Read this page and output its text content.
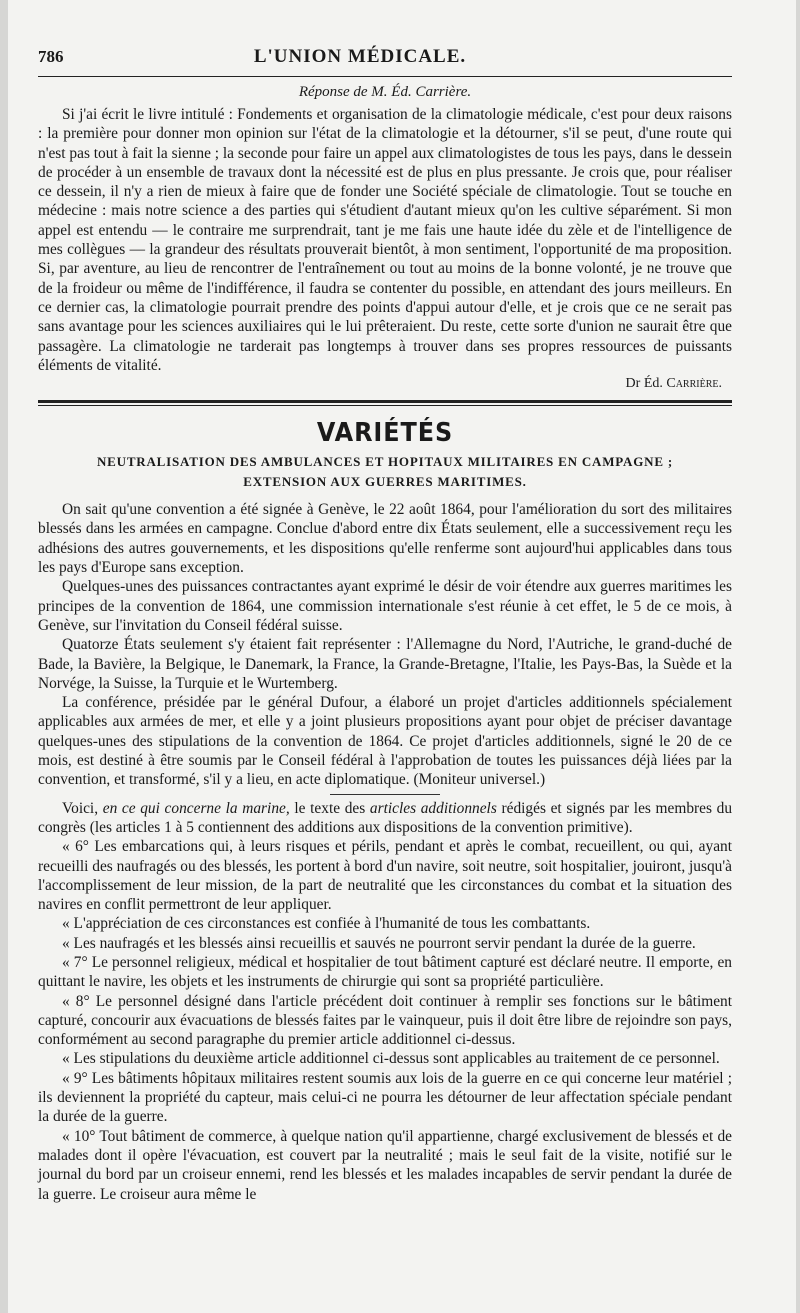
786	L'UNION MÉDICALE.
Réponse de M. Éd. Carrière.

Si j'ai écrit le livre intitulé : Fondements et organisation de la climatologie médicale, c'est pour deux raisons : la première pour donner mon opinion sur l'état de la climatologie et la détourner, s'il se peut, d'une route qui n'est pas tout à fait la sienne ; la seconde pour faire un appel aux climatologistes de tous les pays, dans le dessein de procéder à un ensemble de travaux dont la nécessité est de plus en plus pressante. Je crois que, pour réaliser ce dessein, il n'y a rien de mieux à faire que de fonder une Société spéciale de climatologie. Tout se touche en médecine : mais notre science a des parties qui s'étudient d'autant mieux qu'on les cultive séparément. Si mon appel est entendu — le contraire me surprendrait, tant je me fais une haute idée du zèle et de l'intelligence de mes collègues — la grandeur des résultats prouverait bientôt, à mon sentiment, l'opportunité de ma proposition. Si, par aventure, au lieu de rencontrer de l'entraînement ou tout au moins de la bonne volonté, je ne trouve que de la froideur ou même de l'indifférence, il faudra se contenter du possible, en attendant des jours meilleurs. En ce dernier cas, la climatologie pourrait prendre des points d'appui autour d'elle, et je crois que ce ne serait pas sans avantage pour les sciences auxiliaires qui le lui prêteraient. Du reste, cette sorte d'union ne saurait être que passagère. La climatologie ne tarderait pas longtemps à trouver dans ses propres ressources de puissants éléments de vitalité.

Dr Éd. Carrière.
VARIÉTÉS
NEUTRALISATION DES AMBULANCES ET HOPITAUX MILITAIRES EN CAMPAGNE ;
EXTENSION AUX GUERRES MARITIMES.

On sait qu'une convention a été signée à Genève, le 22 août 1864, pour l'amélioration du sort des militaires blessés dans les armées en campagne. Conclue d'abord entre dix États seulement, elle a successivement reçu les adhésions des autres gouvernements, et les dispositions qu'elle renferme sont aujourd'hui applicables dans tous les pays d'Europe sans exception.

Quelques-unes des puissances contractantes ayant exprimé le désir de voir étendre aux guerres maritimes les principes de la convention de 1864, une commission internationale s'est réunie à cet effet, le 5 de ce mois, à Genève, sur l'invitation du Conseil fédéral suisse.

Quatorze États seulement s'y étaient fait représenter : l'Allemagne du Nord, l'Autriche, le grand-duché de Bade, la Bavière, la Belgique, le Danemark, la France, la Grande-Bretagne, l'Italie, les Pays-Bas, la Suède et la Norvége, la Suisse, la Turquie et le Wurtemberg.

La conférence, présidée par le général Dufour, a élaboré un projet d'articles additionnels spécialement applicables aux armées de mer, et elle y a joint plusieurs propositions ayant pour objet de préciser davantage quelques-unes des stipulations de la convention de 1864. Ce projet d'articles additionnels, signé le 20 de ce mois, est destiné à être soumis par le Conseil fédéral à l'approbation de toutes les puissances déjà liées par la convention, et transformé, s'il y a lieu, en acte diplomatique. (Moniteur universel.)

Voici, en ce qui concerne la marine, le texte des articles additionnels rédigés et signés par les membres du congrès (les articles 1 à 5 contiennent des additions aux dispositions de la convention primitive).

« 6° Les embarcations qui, à leurs risques et périls, pendant et après le combat, recueillent, ou qui, ayant recueilli des naufragés ou des blessés, les portent à bord d'un navire, soit neutre, soit hospitalier, jouiront, jusqu'à l'accomplissement de leur mission, de la part de neutralité que les circonstances du combat et la situation des navires en conflit permettront de leur appliquer.

« L'appréciation de ces circonstances est confiée à l'humanité de tous les combattants.

« Les naufragés et les blessés ainsi recueillis et sauvés ne pourront servir pendant la durée de la guerre.

« 7° Le personnel religieux, médical et hospitalier de tout bâtiment capturé est déclaré neutre. Il emporte, en quittant le navire, les objets et les instruments de chirurgie qui sont sa propriété particulière.

« 8° Le personnel désigné dans l'article précédent doit continuer à remplir ses fonctions sur le bâtiment capturé, concourir aux évacuations de blessés faites par le vainqueur, puis il doit être libre de rejoindre son pays, conformément au second paragraphe du premier article additionnel ci-dessus.

« Les stipulations du deuxième article additionnel ci-dessus sont applicables au traitement de ce personnel.

« 9° Les bâtiments hôpitaux militaires restent soumis aux lois de la guerre en ce qui concerne leur matériel ; ils deviennent la propriété du capteur, mais celui-ci ne pourra les détourner de leur affectation spéciale pendant la durée de la guerre.

« 10° Tout bâtiment de commerce, à quelque nation qu'il appartienne, chargé exclusivement de blessés et de malades dont il opère l'évacuation, est couvert par la neutralité ; mais le seul fait de la visite, notifié sur le journal du bord par un croiseur ennemi, rend les blessés et les malades incapables de servir pendant la durée de la guerre. Le croiseur aura même le
